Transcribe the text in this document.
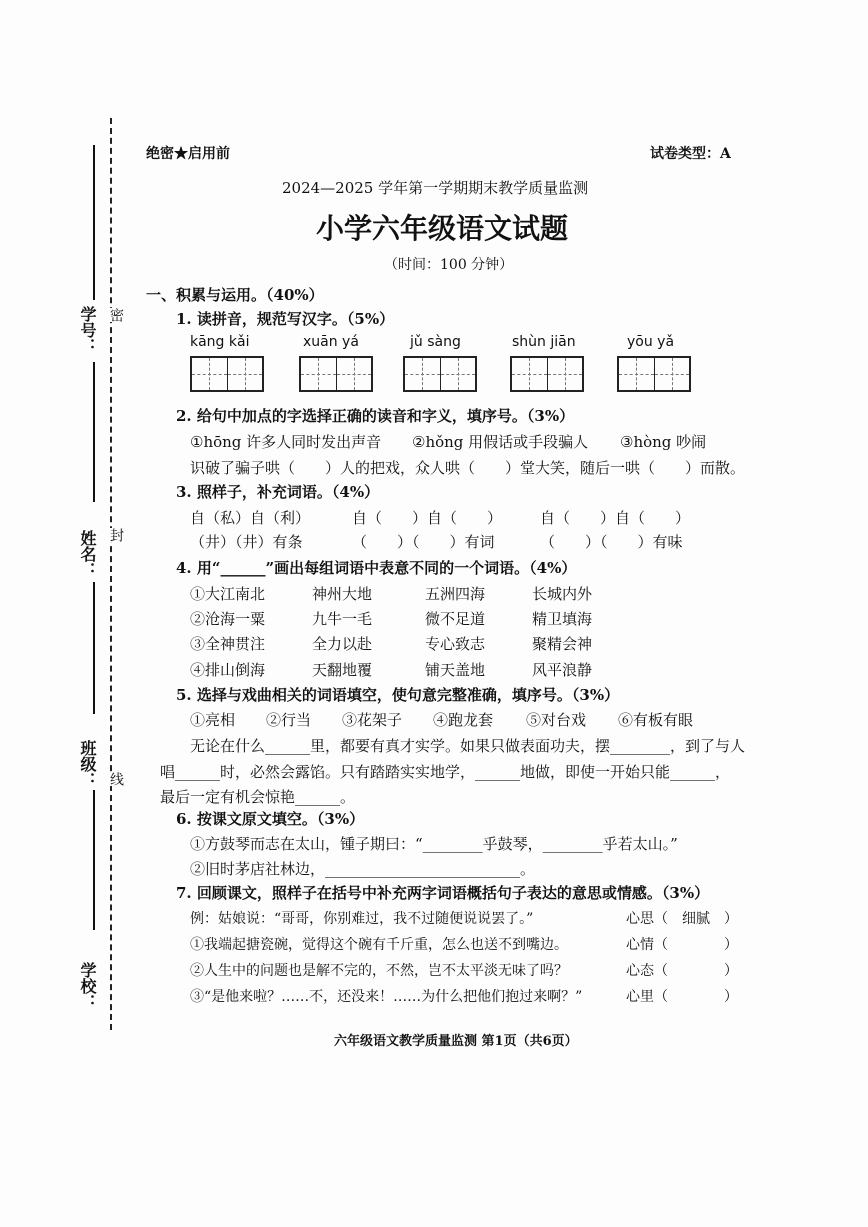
学号：
姓名：
班级：
学校：
密
封
线
绝密★启用前	试卷类型：A
2024—2025 学年第一学期期末教学质量监测
小学六年级语文试题
（时间：100 分钟）
一、积累与运用。（40%）
1. 读拼音，规范写汉字。（5%）
kāng kǎi	xuān yá	jǔ sàng	shùn jiān	yōu yǎ
2. 给句中加点的字选择正确的读音和字义，填序号。（3%）
①hōng 许多人同时发出声音 ②hǒng 用假话或手段骗人 ③hòng 吵闹
识破了骗子哄（　　）人的把戏，众人哄（　　）堂大笑，随后一哄（　　）而散。
3. 照样子，补充词语。（4%）
自（私）自（利）	自（　　）自（　　）	自（　　）自（　　）
（井）（井）有条	（　　）（　　）有词	（　　）（　　）有味
4. 用“______”画出每组词语中表意不同的一个词语。（4%）
①大江南北	神州大地	五洲四海	长城内外
②沧海一粟	九牛一毛	微不足道	精卫填海
③全神贯注	全力以赴	专心致志	聚精会神
④排山倒海	天翻地覆	铺天盖地	风平浪静
5. 选择与戏曲相关的词语填空，使句意完整准确，填序号。（3%）
①亮相 ②行当 ③花架子 ④跑龙套 ⑤对台戏 ⑥有板有眼
无论在什么______里，都要有真才实学。如果只做表面功夫，摆________，到了与人
唱______时，必然会露馅。只有踏踏实实地学，______地做，即使一开始只能______，
最后一定有机会惊艳______。
6. 按课文原文填空。（3%）
①方鼓琴而志在太山，锺子期曰：“________乎鼓琴，________乎若太山。”
②旧时茅店社林边，__________________________。
7. 回顾课文，照样子在括号中补充两字词语概括句子表达的意思或情感。（3%）
例：姑娘说：“哥哥，你别难过，我不过随便说说罢了。”	心思（　细腻　）
①我端起搪瓷碗，觉得这个碗有千斤重，怎么也送不到嘴边。	心情（　　　　）
②人生中的问题也是解不完的，不然，岂不太平淡无味了吗？	心态（　　　　）
③“是他来啦？……不，还没来！……为什么把他们抱过来啊？”	心里（　　　　）
六年级语文教学质量监测 第1页（共6页）
